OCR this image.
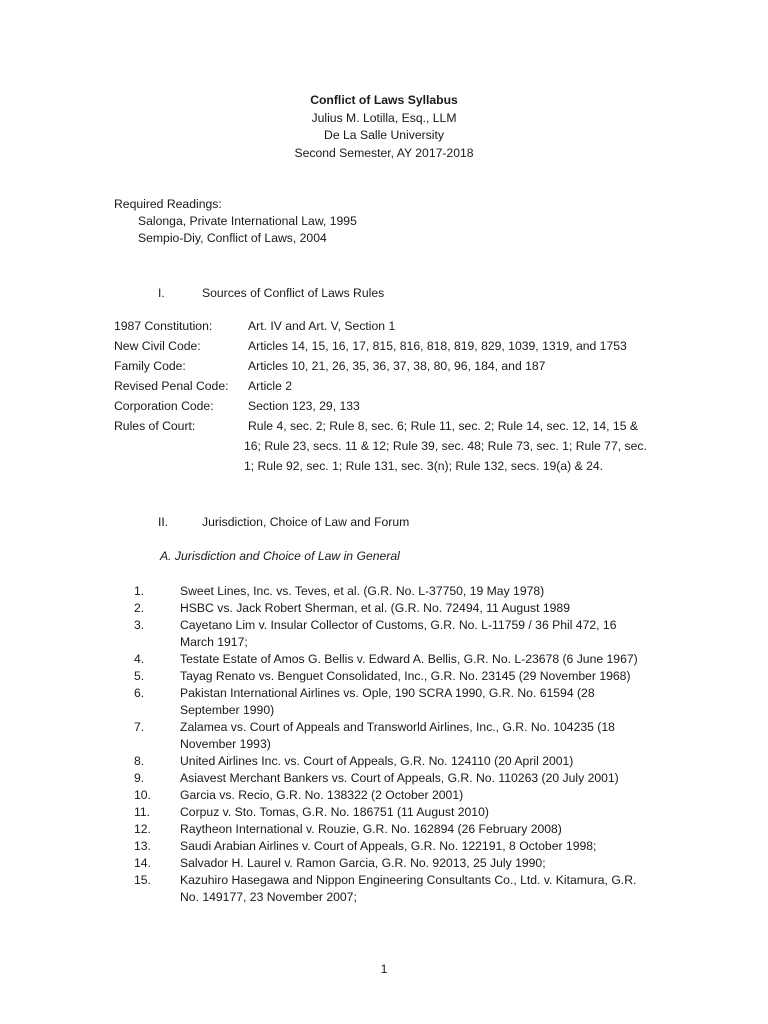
Conflict of Laws Syllabus
Julius M. Lotilla, Esq., LLM
De La Salle University
Second Semester, AY 2017-2018
Required Readings:
Salonga, Private International Law, 1995
Sempio-Diy, Conflict of Laws, 2004
I.	Sources of Conflict of Laws Rules
1987 Constitution:	Art. IV and Art. V, Section 1
New Civil Code:	Articles 14, 15, 16, 17, 815, 816, 818, 819, 829, 1039, 1319, and 1753
Family Code:	Articles 10, 21, 26, 35, 36, 37, 38, 80, 96, 184, and 187
Revised Penal Code:	Article 2
Corporation Code:	Section 123, 29, 133
Rules of Court:	Rule 4, sec. 2; Rule 8, sec. 6; Rule 11, sec. 2; Rule 14, sec. 12, 14, 15 &
16; Rule 23, secs. 11 & 12; Rule 39, sec. 48; Rule 73, sec. 1; Rule 77, sec.
1; Rule 92, sec. 1; Rule 131, sec. 3(n); Rule 132, secs. 19(a) & 24.
II.	Jurisdiction, Choice of Law and Forum
A. Jurisdiction and Choice of Law in General
1.	Sweet Lines, Inc. vs. Teves, et al. (G.R. No. L-37750, 19 May 1978)
2.	HSBC vs. Jack Robert Sherman, et al. (G.R. No. 72494, 11 August 1989
3.	Cayetano Lim v. Insular Collector of Customs, G.R. No. L-11759 / 36 Phil 472, 16
March 1917;
4.	Testate Estate of Amos G. Bellis v. Edward A. Bellis, G.R. No. L-23678 (6 June 1967)
5.	Tayag Renato vs. Benguet Consolidated, Inc., G.R. No. 23145 (29 November 1968)
6.	Pakistan International Airlines vs. Ople, 190 SCRA 1990, G.R. No. 61594 (28
September 1990)
7.	Zalamea vs. Court of Appeals and Transworld Airlines, Inc., G.R. No. 104235 (18
November 1993)
8.	United Airlines Inc. vs. Court of Appeals, G.R. No. 124110 (20 April 2001)
9.	Asiavest Merchant Bankers vs. Court of Appeals, G.R. No. 110263 (20 July 2001)
10.	Garcia vs. Recio, G.R. No. 138322 (2 October 2001)
11.	Corpuz v. Sto. Tomas, G.R. No. 186751 (11 August 2010)
12.	Raytheon International v. Rouzie, G.R. No. 162894 (26 February 2008)
13.	Saudi Arabian Airlines v. Court of Appeals, G.R. No. 122191, 8 October 1998;
14.	Salvador H. Laurel v. Ramon Garcia, G.R. No. 92013, 25 July 1990;
15.	Kazuhiro Hasegawa and Nippon Engineering Consultants Co., Ltd. v. Kitamura, G.R.
No. 149177, 23 November 2007;
1
